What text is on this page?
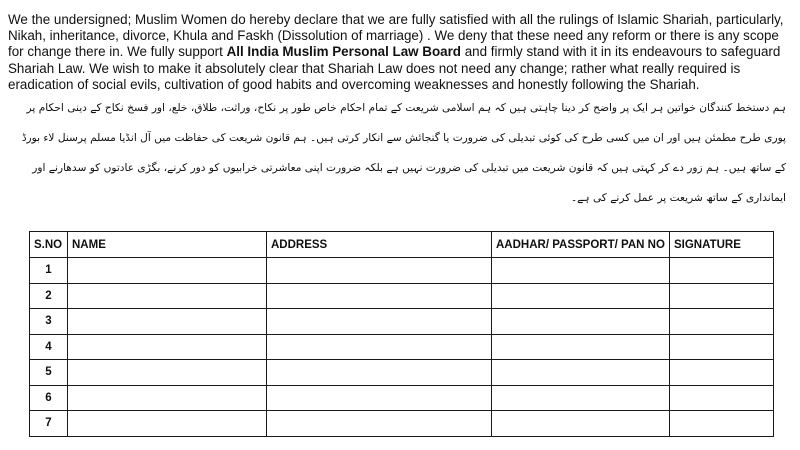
We the undersigned; Muslim Women do hereby declare that we are fully satisfied with all the rulings of Islamic Shariah, particularly, Nikah, inheritance, divorce, Khula and Faskh (Dissolution of marriage) . We deny that these need any reform or there is any scope for change there in. We fully support All India Muslim Personal Law Board and firmly stand with it in its endeavours to safeguard Shariah Law. We wish to make it absolutely clear that Shariah Law does not need any change; rather what really required is eradication of social evils, cultivation of good habits and overcoming weaknesses and honestly following the Shariah.

ہم دستخط کنندگان خواتین ہر ایک پر واضح کر دینا چاہتی ہیں کہ ہم اسلامی شریعت کے تمام احکام خاص طور پر نکاح، وراثت، طلاق، خلع، اور فسخ نکاح کے دینی احکام پر پوری طرح مطمئن ہیں اور ان میں کسی طرح کی کوئی تبدیلی کی ضرورت یا گنجائش سے انکار کرتی ہیں۔ ہم قانون شریعت کی حفاظت میں آل انڈیا مسلم پرسنل لاء بورڈ کے ساتھ ہیں۔ ہم زور دے کر کہتی ہیں کہ قانون شریعت میں تبدیلی کی ضرورت نہیں ہے بلکہ ضرورت اپنی معاشرتی خرابیوں کو دور کرنے، بگڑی عادتوں کو سدھارنے اور ایمانداری کے ساتھ شریعت پر عمل کرنے کی ہے۔

S.NO	NAME	ADDRESS	AADHAR/ PASSPORT/ PAN NO	SIGNATURE
1				
2				
3				
4				
5				
6				
7				
